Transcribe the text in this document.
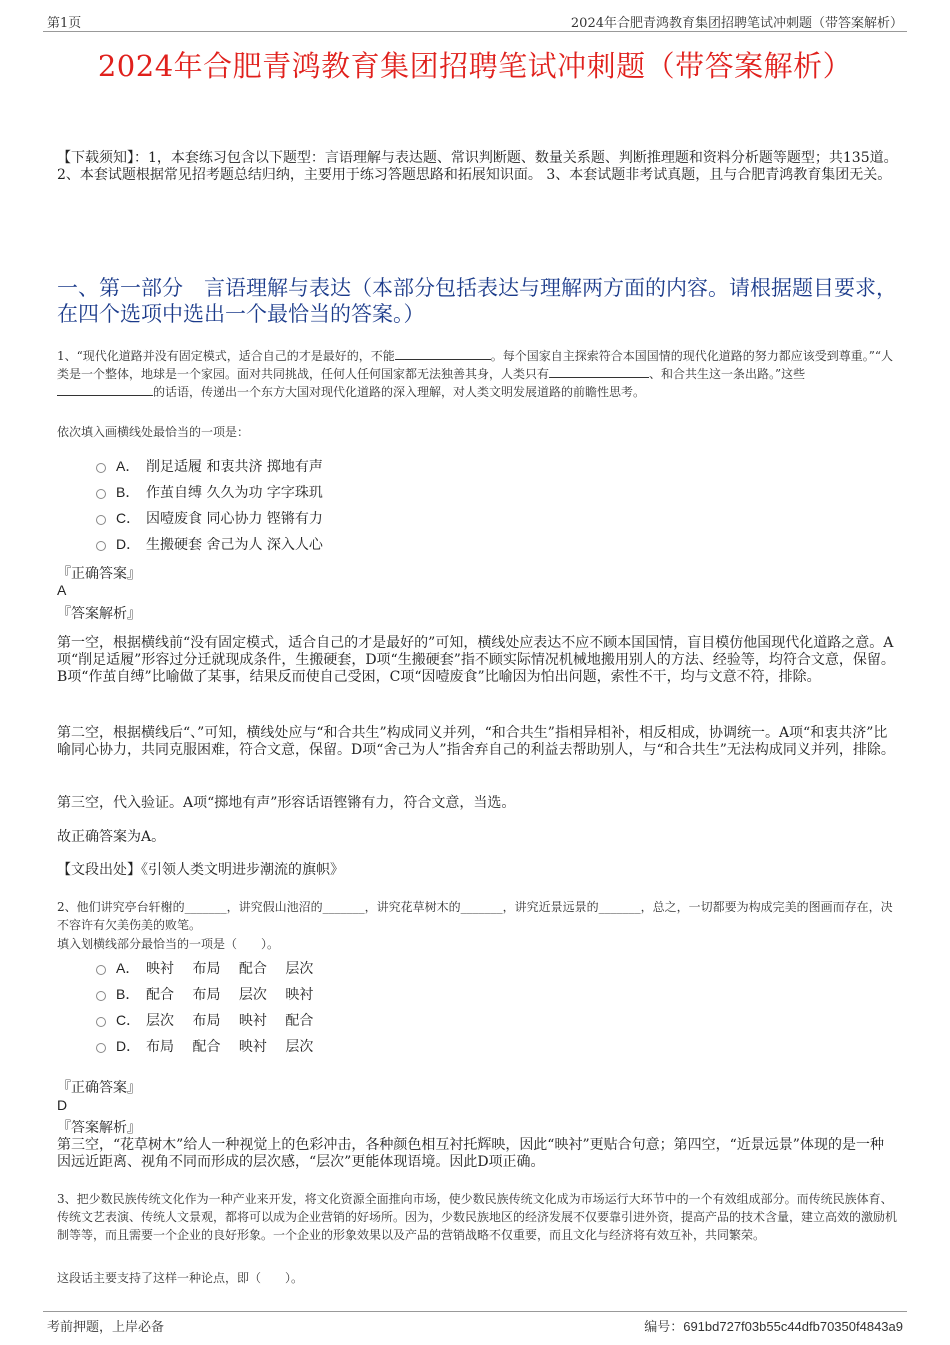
第1页	2024年合肥青鸿教育集团招聘笔试冲刺题（带答案解析）
2024年合肥青鸿教育集团招聘笔试冲刺题（带答案解析）
【下载须知】：1，本套练习包含以下题型：言语理解与表达题、常识判断题、数量关系题、判断推理题和资料分析题等题型；共135道。 2、本套试题根据常见招考题总结归纳，主要用于练习答题思路和拓展知识面。 3、本套试题非考试真题，且与合肥青鸿教育集团无关。
一、第一部分　言语理解与表达（本部分包括表达与理解两方面的内容。请根据题目要求，在四个选项中选出一个最恰当的答案。）
1、“现代化道路并没有固定模式，适合自己的才是最好的，不能	。每个国家自主探索符合本国国情的现代化道路的努力都应该受到尊重。”“人类是一个整体，地球是一个家园。面对共同挑战，任何人任何国家都无法独善其身，人类只有	、和合共生这一条出路。”这些的话语，传递出一个东方大国对现代化道路的深入理解，对人类文明发展道路的前瞻性思考。
依次填入画横线处最恰当的一项是：
A． 削足适履 和衷共济 掷地有声
B． 作茧自缚 久久为功 字字珠玑
C． 因噎废食 同心协力 铿锵有力
D． 生搬硬套 舍己为人 深入人心
『正确答案』
A
『答案解析』
第一空，根据横线前“没有固定模式，适合自己的才是最好的”可知，横线处应表达不应不顾本国国情，盲目模仿他国现代化道路之意。A项“削足适履”形容过分迁就现成条件，生搬硬套，D项“生搬硬套”指不顾实际情况机械地搬用别人的方法、经验等，均符合文意，保留。B项“作茧自缚”比喻做了某事，结果反而使自己受困，C项“因噎废食”比喻因为怕出问题，索性不干，均与文意不符，排除。
第二空，根据横线后“、”可知，横线处应与“和合共生”构成同义并列，“和合共生”指相异相补，相反相成，协调统一。A项“和衷共济”比喻同心协力，共同克服困难，符合文意，保留。D项“舍己为人”指舍弃自己的利益去帮助别人，与“和合共生”无法构成同义并列，排除。
第三空，代入验证。A项“掷地有声”形容话语铿锵有力，符合文意，当选。
故正确答案为A。
【文段出处】《引领人类文明进步潮流的旗帜》
2、他们讲究亭台轩榭的_______，讲究假山池沼的_______，讲究花草树木的_______，讲究近景远景的_______，总之，一切都要为构成完美的图画而存在，决不容许有欠美伤美的败笔。
填入划横线部分最恰当的一项是（　　）。
A． 映衬　 布局　 配合　 层次
B． 配合　 布局　 层次　 映衬
C． 层次　 布局　 映衬　 配合
D． 布局　 配合　 映衬　 层次
『正确答案』
D
『答案解析』
第三空，“花草树木”给人一种视觉上的色彩冲击，各种颜色相互衬托辉映，因此“映衬”更贴合句意；第四空，“近景远景”体现的是一种因远近距离、视角不同而形成的层次感，“层次”更能体现语境。因此D项正确。
3、把少数民族传统文化作为一种产业来开发，将文化资源全面推向市场，使少数民族传统文化成为市场运行大环节中的一个有效组成部分。而传统民族体育、传统文艺表演、传统人文景观，都将可以成为企业营销的好场所。因为，少数民族地区的经济发展不仅要靠引进外资，提高产品的技术含量，建立高效的激励机制等等，而且需要一个企业的良好形象。一个企业的形象效果以及产品的营销战略不仅重要，而且文化与经济将有效互补，共同繁荣。
这段话主要支持了这样一种论点，即（　　）。
考前押题，上岸必备	编号：691bd727f03b55c44dfb70350f4843a9
